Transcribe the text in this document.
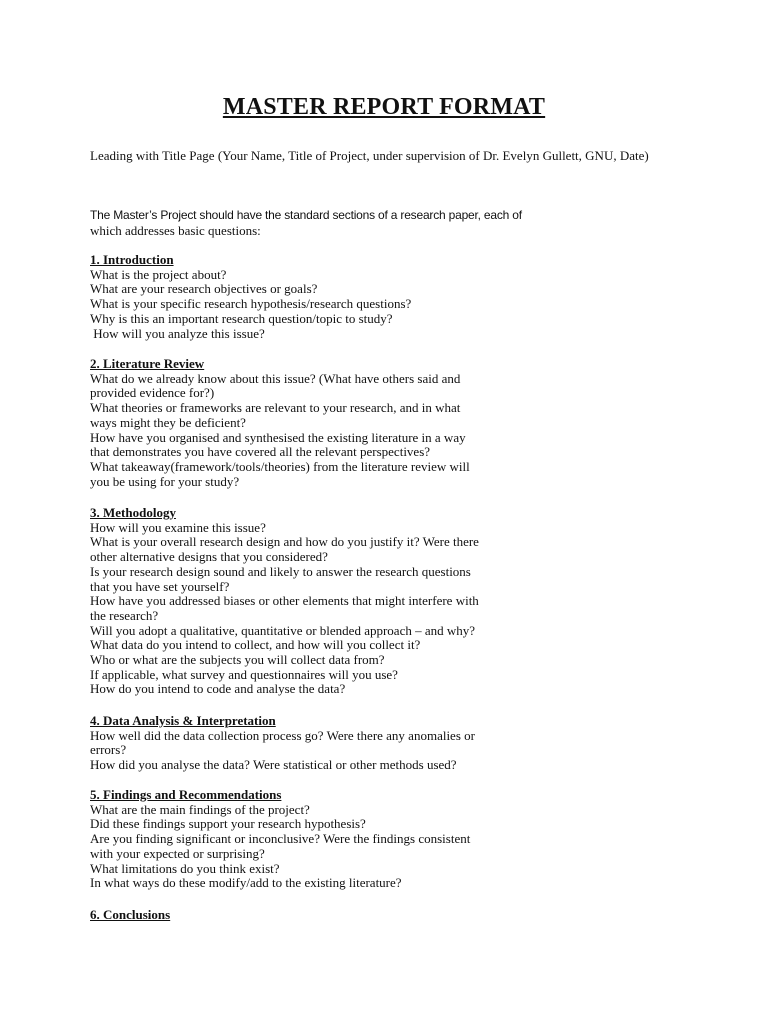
MASTER REPORT FORMAT
Leading with Title Page (Your Name, Title of Project, under supervision of Dr. Evelyn Gullett, GNU, Date)
The Master’s Project should have the standard sections of a research paper, each of
which addresses basic questions:
1. Introduction
What is the project about?
What are your research objectives or goals?
What is your specific research hypothesis/research questions?
Why is this an important research question/topic to study?
How will you analyze this issue?
2. Literature Review
What do we already know about this issue? (What have others said and
provided evidence for?)
What theories or frameworks are relevant to your research, and in what
ways might they be deficient?
How have you organised and synthesised the existing literature in a way
that demonstrates you have covered all the relevant perspectives?
What takeaway(framework/tools/theories) from the literature review will
you be using for your study?
3. Methodology
How will you examine this issue?
What is your overall research design and how do you justify it? Were there
other alternative designs that you considered?
Is your research design sound and likely to answer the research questions
that you have set yourself?
How have you addressed biases or other elements that might interfere with
the research?
Will you adopt a qualitative, quantitative or blended approach – and why?
What data do you intend to collect, and how will you collect it?
Who or what are the subjects you will collect data from?
If applicable, what survey and questionnaires will you use?
How do you intend to code and analyse the data?
4. Data Analysis & Interpretation
How well did the data collection process go? Were there any anomalies or
errors?
How did you analyse the data? Were statistical or other methods used?
5. Findings and Recommendations
What are the main findings of the project?
Did these findings support your research hypothesis?
Are you finding significant or inconclusive? Were the findings consistent
with your expected or surprising?
What limitations do you think exist?
In what ways do these modify/add to the existing literature?
6. Conclusions
